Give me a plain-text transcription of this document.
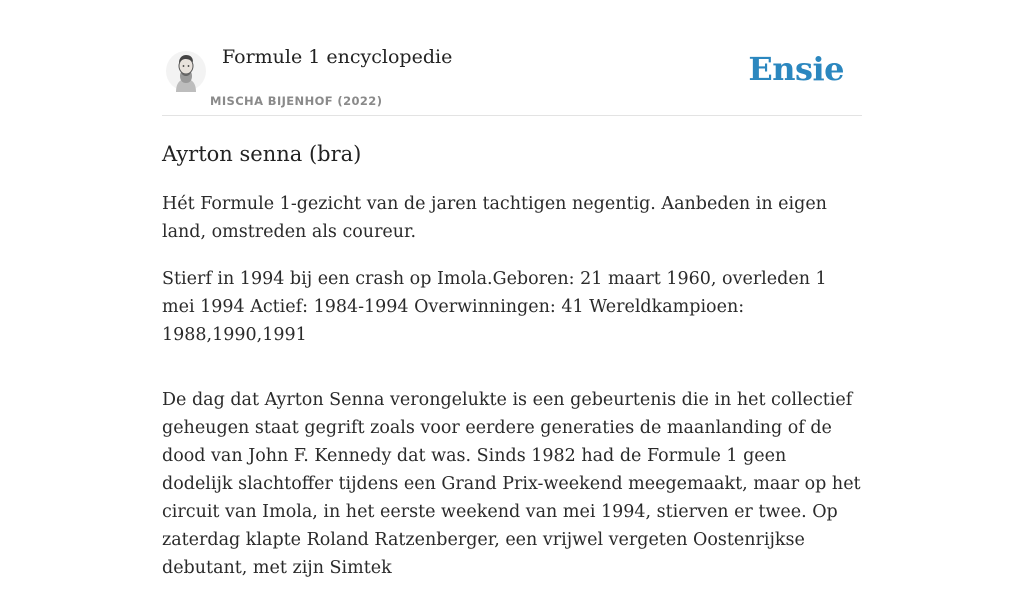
Formule 1 encyclopedie
MISCHA BIJENHOF (2022)
Ensie
Ayrton senna (bra)

Hét Formule 1-gezicht van de jaren tachtigen negentig. Aanbeden in eigen land, omstreden als coureur.

Stierf in 1994 bij een crash op Imola.Geboren: 21 maart 1960, overleden 1 mei 1994 Actief: 1984-1994 Overwinningen: 41 Wereldkampioen: 1988,1990,1991

De dag dat Ayrton Senna verongelukte is een gebeurtenis die in het collectief geheugen staat gegrift zoals voor eerdere generaties de maanlanding of de dood van John F. Kennedy dat was. Sinds 1982 had de Formule 1 geen dodelijk slachtoffer tijdens een Grand Prix-weekend meegemaakt, maar op het circuit van Imola, in het eerste weekend van mei 1994, stierven er twee. Op zaterdag klapte Roland Ratzenberger, een vrijwel vergeten Oostenrijkse debutant, met zijn Simtek
